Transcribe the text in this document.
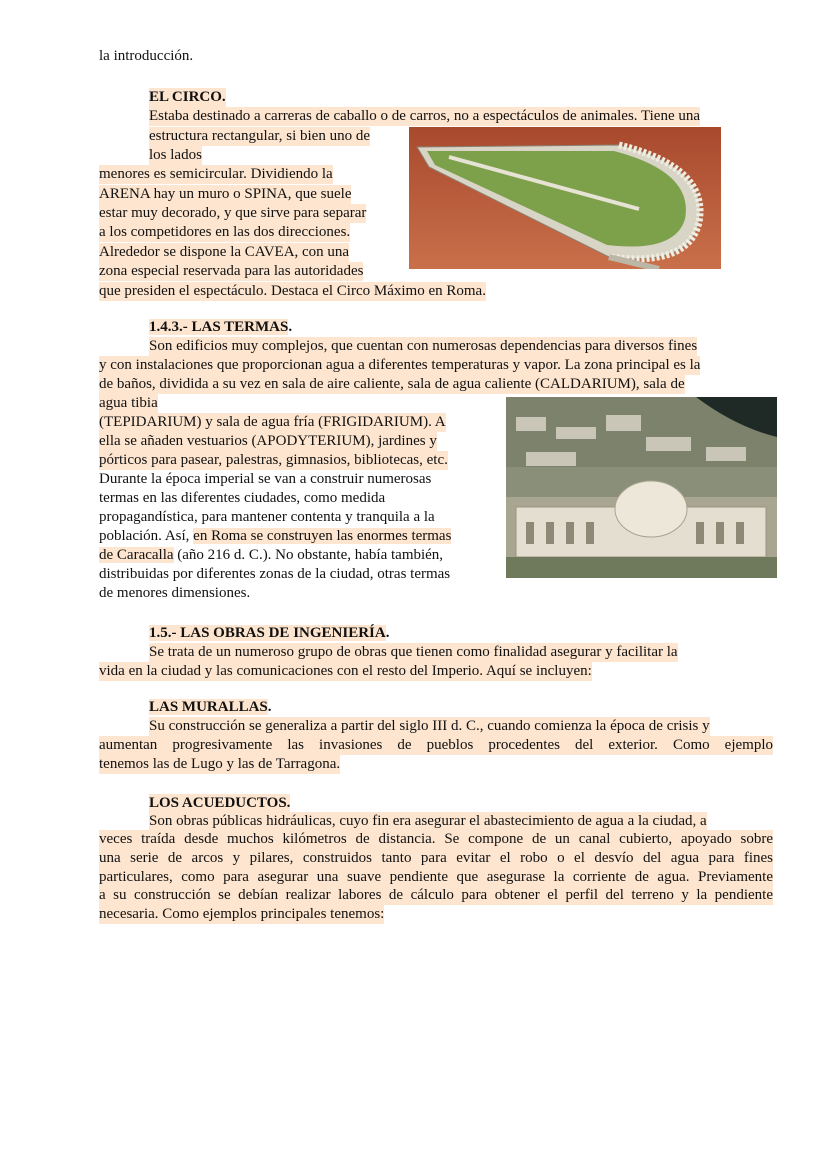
la introducción.
EL CIRCO.
Estaba destinado a carreras de caballo o de carros, no a espectáculos de animales. Tiene una
estructura rectangular, si bien uno de
los lados
menores es semicircular. Dividiendo la
ARENA hay un muro o SPINA, que suele
estar muy decorado, y que sirve para separar
a los competidores en las dos direcciones.
Alrededor se dispone la CAVEA, con una
zona especial reservada para las autoridades
que presiden el espectáculo. Destaca el Circo Máximo en Roma.
1.4.3.- LAS TERMAS.
Son edificios muy complejos, que cuentan con numerosas dependencias para diversos fines
y con instalaciones que proporcionan agua a diferentes temperaturas y vapor. La zona principal es la
de baños, dividida a su vez en sala de aire caliente, sala de agua caliente (CALDARIUM), sala de
agua tibia
(TEPIDARIUM) y sala de agua fría (FRIGIDARIUM). A
ella se añaden vestuarios (APODYTERIUM), jardines y
pórticos para pasear, palestras, gimnasios, bibliotecas, etc.
Durante la época imperial se van a construir numerosas
termas en las diferentes ciudades, como medida
propagandística, para mantener contenta y tranquila a la
población. Así, en Roma se construyen las enormes termas
de Caracalla (año 216 d. C.). No obstante, había también,
distribuidas por diferentes zonas de la ciudad, otras termas
de menores dimensiones.
1.5.- LAS OBRAS DE INGENIERÍA.
Se trata de un numeroso grupo de obras que tienen como finalidad asegurar y facilitar la
vida en la ciudad y las comunicaciones con el resto del Imperio. Aquí se incluyen:
LAS MURALLAS.
Su construcción se generaliza a partir del siglo III d. C., cuando comienza la época de crisis y
aumentan progresivamente las invasiones de pueblos procedentes del exterior. Como ejemplo
tenemos las de Lugo y las de Tarragona.
LOS ACUEDUCTOS.
Son obras públicas hidráulicas, cuyo fin era asegurar el abastecimiento de agua a la ciudad, a
veces traída desde muchos kilómetros de distancia. Se compone de un canal cubierto, apoyado sobre
una serie de arcos y pilares, construidos tanto para evitar el robo o el desvío del agua para fines
particulares, como para asegurar una suave pendiente que asegurase la corriente de agua. Previamente
a su construcción se debían realizar labores de cálculo para obtener el perfil del terreno y la pendiente
necesaria. Como ejemplos principales tenemos:
